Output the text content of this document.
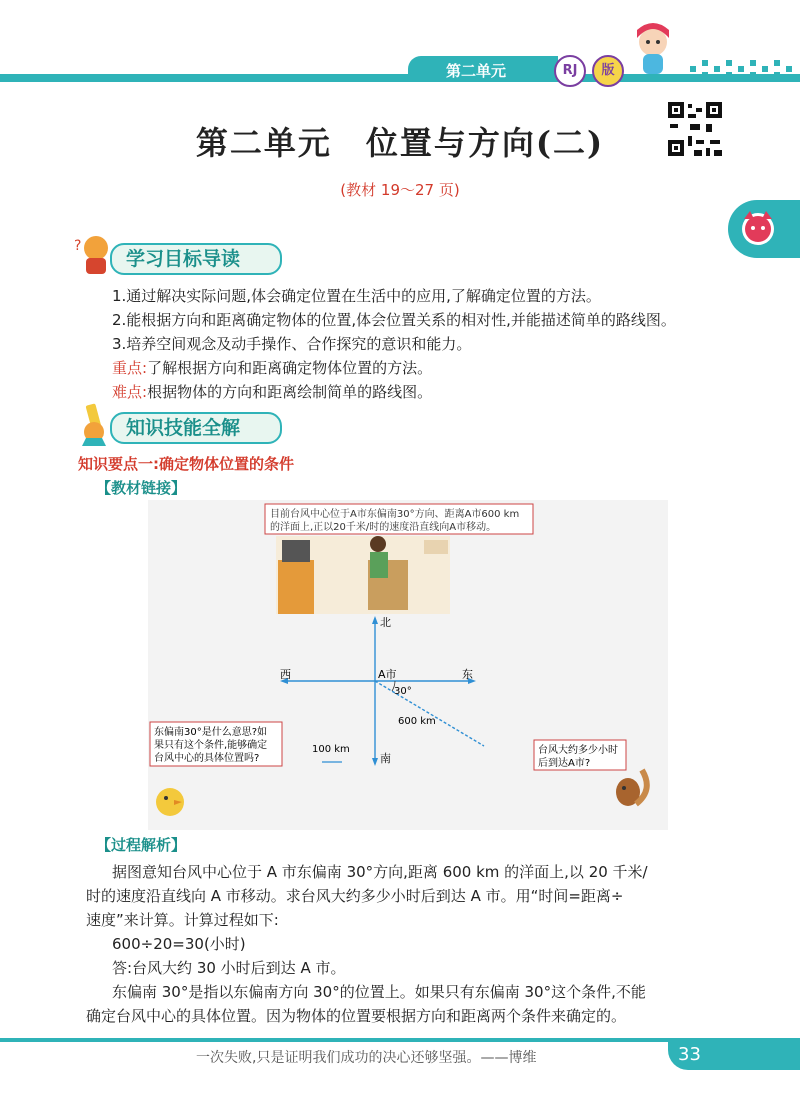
第二单元	RJ	版
第二单元　位置与方向(二)
(教材 19～27 页)
?
学习目标导读
1.通过解决实际问题,体会确定位置在生活中的应用,了解确定位置的方法。
2.能根据方向和距离确定物体的位置,体会位置关系的相对性,并能描述简单的路线图。
3.培养空间观念及动手操作、合作探究的意识和能力。
重点:了解根据方向和距离确定物体位置的方法。
难点:根据物体的方向和距离绘制简单的路线图。
知识技能全解
知识要点一:确定物体位置的条件
【教材链接】
目前台风中心位于A市东偏南30°方向、距离A市600 km
的洋面上,正以20千米/时的速度沿直线向A市移动。
北
南
东
西	A市
30°
600 km
100 km
东偏南30°是什么意思?如
果只有这个条件,能够确定
台风中心的具体位置吗?
台风大约多少小时
后到达A市?
【过程解析】
据图意知台风中心位于 A 市东偏南 30°方向,距离 600 km 的洋面上,以 20 千米/
时的速度沿直线向 A 市移动。求台风大约多少小时后到达 A 市。用“时间=距离÷
速度”来计算。计算过程如下:
600÷20=30(小时)
答:台风大约 30 小时后到达 A 市。
东偏南 30°是指以东偏南方向 30°的位置上。如果只有东偏南 30°这个条件,不能
确定台风中心的具体位置。因为物体的位置要根据方向和距离两个条件来确定的。
一次失败,只是证明我们成功的决心还够坚强。——博维	33
